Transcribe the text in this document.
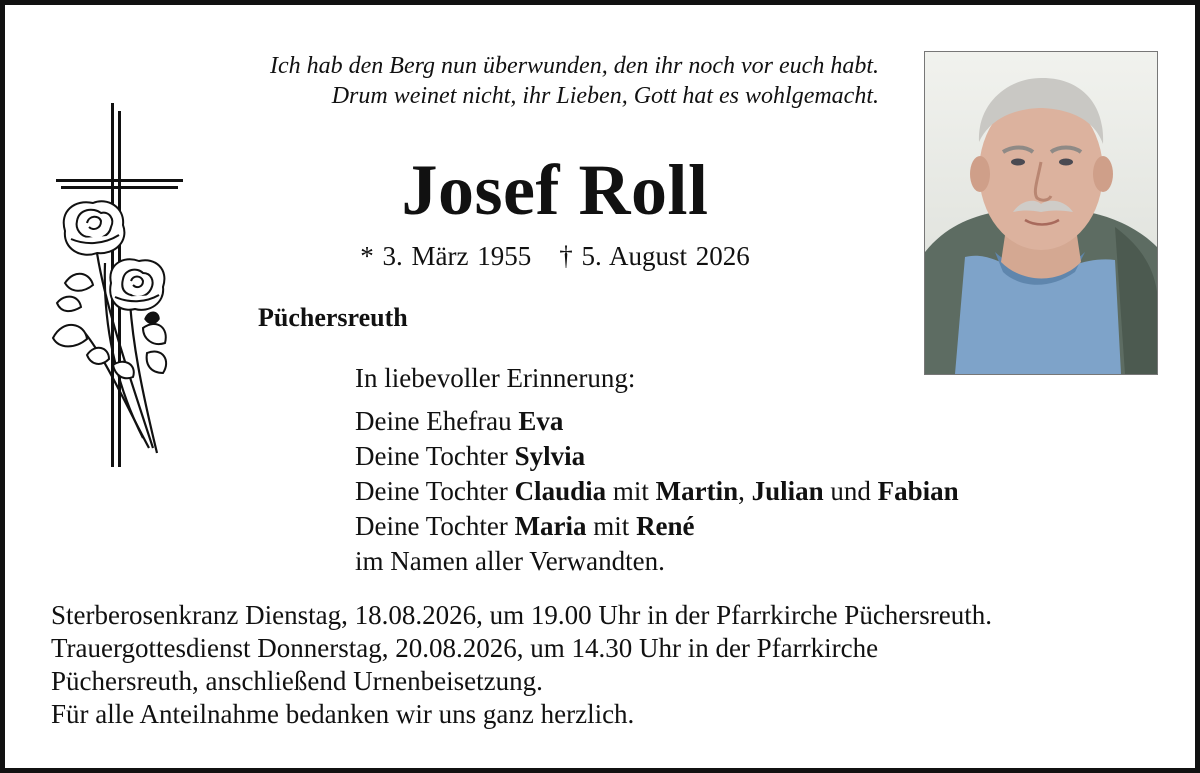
Ich hab den Berg nun überwunden, den ihr noch vor euch habt.
Drum weinet nicht, ihr Lieben, Gott hat es wohlgemacht.
Josef Roll
* 3. März 1955 † 5. August 2026
Püchersreuth
In liebevoller Erinnerung:
Deine Ehefrau Eva
Deine Tochter Sylvia
Deine Tochter Claudia mit Martin, Julian und Fabian
Deine Tochter Maria mit René
im Namen aller Verwandten.
Sterberosenkranz Dienstag, 18.08.2026, um 19.00 Uhr in der Pfarrkirche Püchersreuth.
Trauergottesdienst Donnerstag, 20.08.2026, um 14.30 Uhr in der Pfarrkirche
Püchersreuth, anschließend Urnenbeisetzung.
Für alle Anteilnahme bedanken wir uns ganz herzlich.
